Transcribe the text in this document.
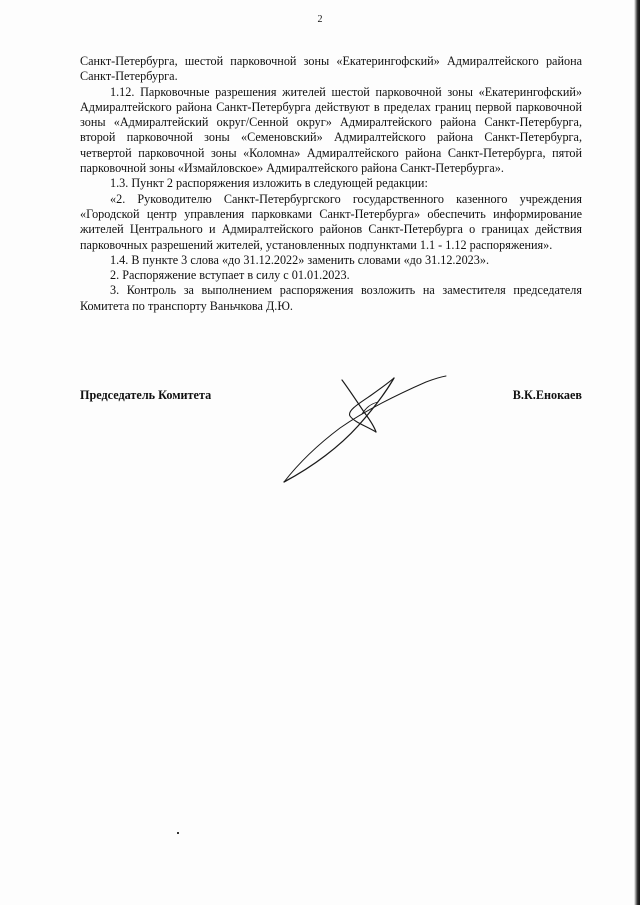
2

Санкт-Петербурга, шестой парковочной зоны «Екатерингофский» Адмиралтейского района Санкт-Петербурга.

1.12. Парковочные разрешения жителей шестой парковочной зоны «Екатерингофский» Адмиралтейского района Санкт-Петербурга действуют в пределах границ первой парковочной зоны «Адмиралтейский округ/Сенной округ» Адмиралтейского района Санкт-Петербурга, второй парковочной зоны «Семеновский» Адмиралтейского района Санкт-Петербурга, четвертой парковочной зоны «Коломна» Адмиралтейского района Санкт-Петербурга, пятой парковочной зоны «Измайловское» Адмиралтейского района Санкт-Петербурга».

1.3. Пункт 2 распоряжения изложить в следующей редакции:

«2. Руководителю Санкт-Петербургского государственного казенного учреждения «Городской центр управления парковками Санкт-Петербурга» обеспечить информирование жителей Центрального и Адмиралтейского районов Санкт-Петербурга о границах действия парковочных разрешений жителей, установленных подпунктами 1.1 - 1.12 распоряжения».

1.4. В пункте 3 слова «до 31.12.2022» заменить словами «до 31.12.2023».

2. Распоряжение вступает в силу с 01.01.2023.

3. Контроль за выполнением распоряжения возложить на заместителя председателя Комитета по транспорту Ваньчкова Д.Ю.

Председатель Комитета	В.К.Енокаев
